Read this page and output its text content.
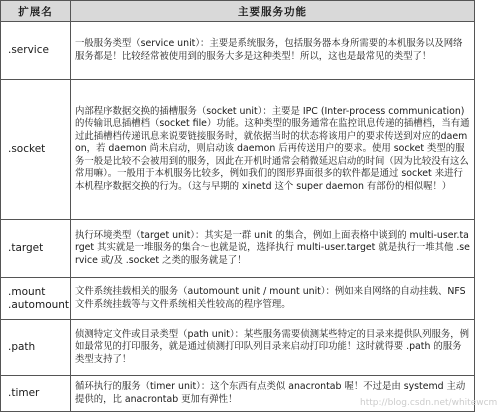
扩展名	主要服务功能

.service	一般服务类型（service unit）：主要是系统服务，包括服务器本身所需要的本机服务以及网络服务都是！比较经常被使用到的服务大多是这种类型！所以，这也是最常见的类型了！

.socket	内部程序数据交换的插槽服务（socket unit）：主要是 IPC (Inter-process communication) 的传输讯息插槽档（socket file）功能。这种类型的服务通常在监控讯息传递的插槽档，当有通过此插槽档传递讯息来说要链接服务时，就依据当时的状态将该用户的要求传送到对应的daemon，若 daemon 尚未启动，则启动该 daemon 后再传送用户的要求。使用 socket 类型的服务一般是比较不会被用到的服务，因此在开机时通常会稍微延迟启动的时间（因为比较没有这么常用嘛）。一般用于本机服务比较多，例如我们的图形界面很多的软件都是通过 socket 来进行本机程序数据交换的行为。（这与早期的 xinetd 这个 super daemon 有部份的相似喔！）

.target	执行环境类型（target unit）：其实是一群 unit 的集合，例如上面表格中谈到的 multi-user.target 其实就是一堆服务的集合～也就是说，选择执行 multi-user.target 就是执行一堆其他 .service 或/及 .socket 之类的服务就是了！

.mount
.automount	文件系统挂载相关的服务（automount unit / mount unit）：例如来自网络的自动挂载、NFS 文件系统挂载等与文件系统相关性较高的程序管理。

.path	侦测特定文件或目录类型（path unit）：某些服务需要侦测某些特定的目录来提供队列服务，例如最常见的打印服务，就是通过侦测打印队列目录来启动打印功能！这时就得要 .path 的服务类型支持了！

.timer	循环执行的服务（timer unit）：这个东西有点类似 anacrontab 喔！不过是由 systemd 主动提供的，比 anacrontab 更加有弹性！	http://blog.csdn.net/whitewcm
